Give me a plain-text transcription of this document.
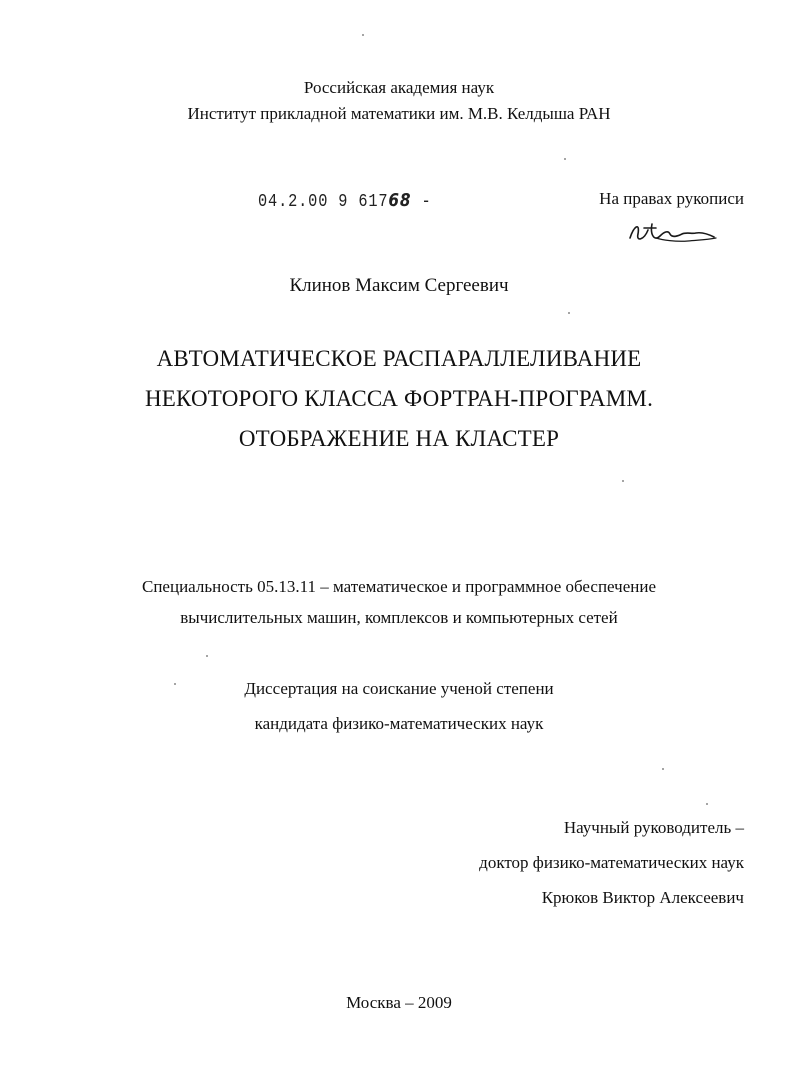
Российская академия наук
Институт прикладной математики им. М.В. Келдыша РАН
04.2.00 9 61768 -	На правах рукописи
Клинов Максим Сергеевич
АВТОМАТИЧЕСКОЕ РАСПАРАЛЛЕЛИВАНИЕ
НЕКОТОРОГО КЛАССА ФОРТРАН-ПРОГРАММ.
ОТОБРАЖЕНИЕ НА КЛАСТЕР
Специальность 05.13.11 – математическое и программное обеспечение
вычислительных машин, комплексов и компьютерных сетей
Диссертация на соискание ученой степени
кандидата физико-математических наук
Научный руководитель –
доктор физико-математических наук
Крюков Виктор Алексеевич
Москва – 2009
